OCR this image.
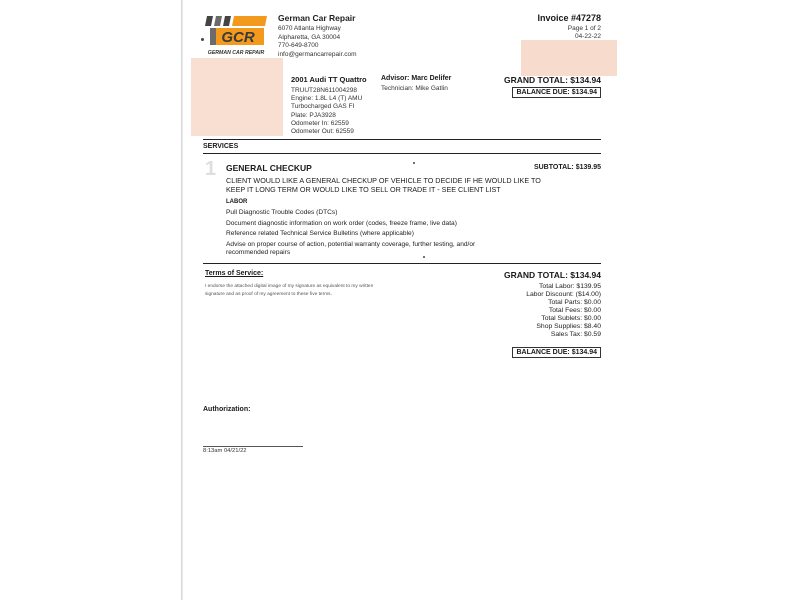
GCR
GERMAN CAR REPAIR
German Car Repair
6070 Atlanta Highway
Alpharetta, GA 30004
770-649-8700
info@germancarrepair.com
Invoice #47278
Page 1 of 2
04-22-22
2001 Audi TT Quattro
TRUUT28N611004298
Engine: 1.8L L4 (T) AMU
Turbocharged GAS FI
Plate: PJA3928
Odometer In: 62559
Odometer Out: 62559
Advisor: Marc Delifer
Technician: Mike Gatlin
GRAND TOTAL: $134.94
BALANCE DUE: $134.94
SERVICES
1 GENERAL CHECKUP	SUBTOTAL: $139.95
CLIENT WOULD LIKE A GENERAL CHECKUP OF VEHICLE TO DECIDE IF HE WOULD LIKE TO KEEP IT LONG TERM OR WOULD LIKE TO SELL OR TRADE IT - SEE CLIENT LIST
LABOR
Pull Diagnostic Trouble Codes (DTCs)
Document diagnostic information on work order (codes, freeze frame, live data)
Reference related Technical Service Bulletins (where applicable)
Advise on proper course of action, potential warranty coverage, further testing, and/or recommended repairs
Terms of Service:
I endorse the attached digital image of my signature as equivalent to my written signature and as proof of my agreement to these five terms.
GRAND TOTAL: $134.94
Total Labor: $139.95
Labor Discount: ($14.00)
Total Parts: $0.00
Total Fees: $0.00
Total Sublets: $0.00
Shop Supplies: $8.40
Sales Tax: $0.59
BALANCE DUE: $134.94
Authorization:
8:13am 04/21/22
